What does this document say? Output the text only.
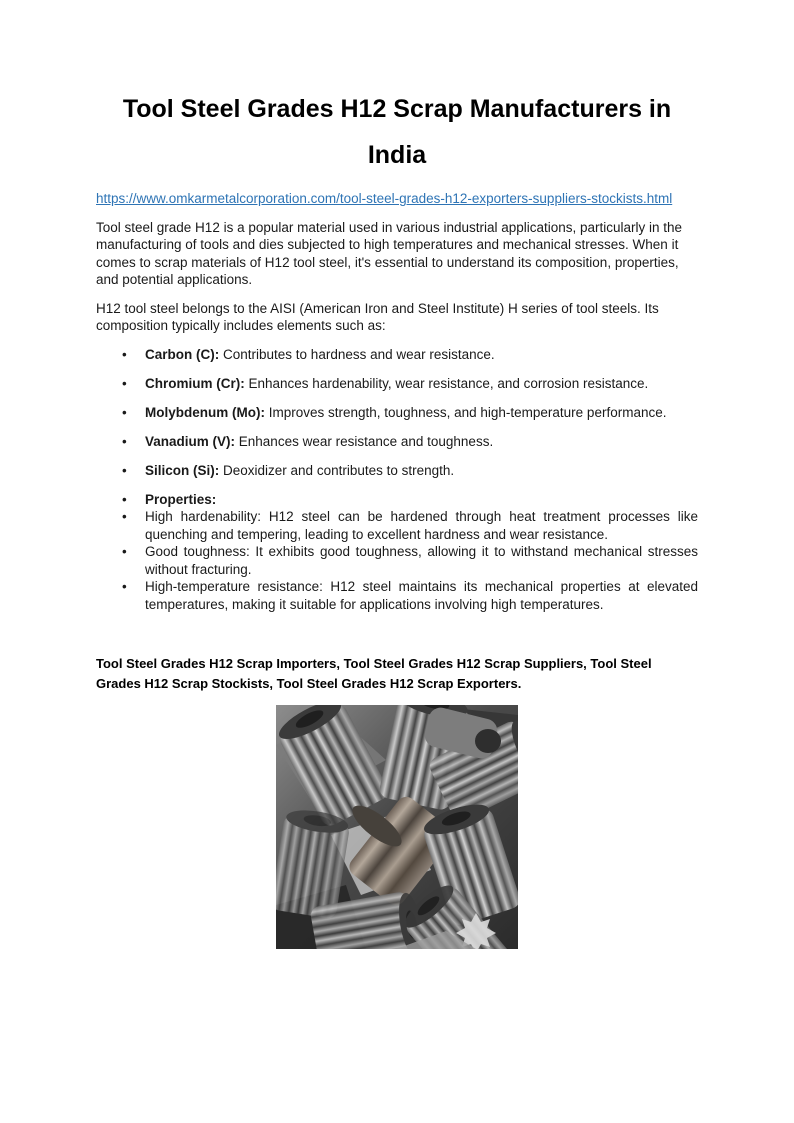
Tool Steel Grades H12 Scrap Manufacturers in India
https://www.omkarmetalcorporation.com/tool-steel-grades-h12-exporters-suppliers-stockists.html

Tool steel grade H12 is a popular material used in various industrial applications, particularly in the manufacturing of tools and dies subjected to high temperatures and mechanical stresses. When it comes to scrap materials of H12 tool steel, it's essential to understand its composition, properties, and potential applications.

H12 tool steel belongs to the AISI (American Iron and Steel Institute) H series of tool steels. Its composition typically includes elements such as:

• Carbon (C): Contributes to hardness and wear resistance.
• Chromium (Cr): Enhances hardenability, wear resistance, and corrosion resistance.
• Molybdenum (Mo): Improves strength, toughness, and high-temperature performance.
• Vanadium (V): Enhances wear resistance and toughness.
• Silicon (Si): Deoxidizer and contributes to strength.
• Properties:
• High hardenability: H12 steel can be hardened through heat treatment processes like quenching and tempering, leading to excellent hardness and wear resistance.
• Good toughness: It exhibits good toughness, allowing it to withstand mechanical stresses without fracturing.
• High-temperature resistance: H12 steel maintains its mechanical properties at elevated temperatures, making it suitable for applications involving high temperatures.

Tool Steel Grades H12 Scrap Importers, Tool Steel Grades H12 Scrap Suppliers, Tool Steel Grades H12 Scrap Stockists, Tool Steel Grades H12 Scrap Exporters.
